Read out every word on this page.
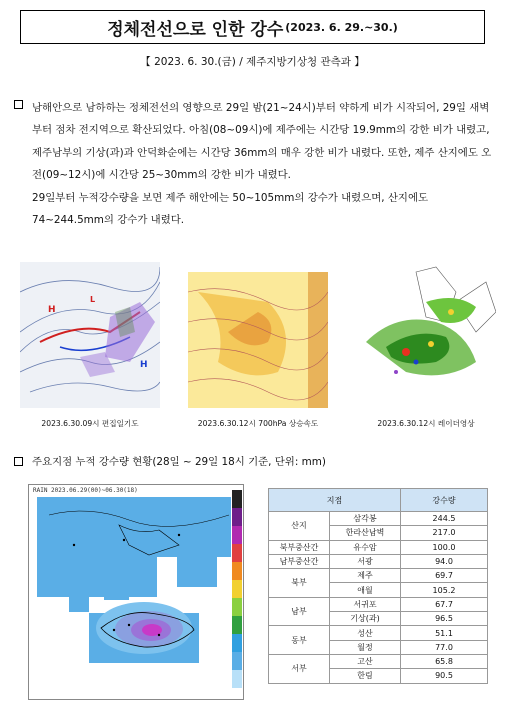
정체전선으로 인한 강수 (2023. 6. 29.~30.)
【 2023. 6. 30.(금) / 제주지방기상청 관측과 】

남해안으로 남하하는 정체전선의 영향으로 29일 밤(21~24시)부터 약하게 비가 시작되어, 29일 새벽부터 점차 전지역으로 확산되었다. 아침(08~09시)에 제주에는 시간당 19.9mm의 강한 비가 내렸고, 제주남부의 기상(과)과 안덕화순에는 시간당 36mm의 매우 강한 비가 내렸다. 또한, 제주 산지에도 오전(09~12시)에 시간당 25~30mm의 강한 비가 내렸다.

29일부터 누적강수량을 보면 제주 해안에는 50~105mm의 강수가 내렸으며, 산지에도 74~244.5mm의 강수가 내렸다.

H
H
L
2023.6.30.09시 편집일기도	2023.6.30.12시 700hPa 상승속도	2023.6.30.12시 레이더영상
주요지점 누적 강수량 현황(28일 ~ 29일 18시 기준, 단위: mm)
RAIN 2023.06.29(00)~06.30(18)
지점		강수량
산지	삼각봉	244.5
	한라산남벽	217.0
북부중산간	유수암	100.0
남부중산간	서광	94.0
북부	제주	69.7
	애월	105.2
남부	서귀포	67.7
	기상(과)	96.5
동부	성산	51.1
	월정	77.0
서부	고산	65.8
	한림	90.5
